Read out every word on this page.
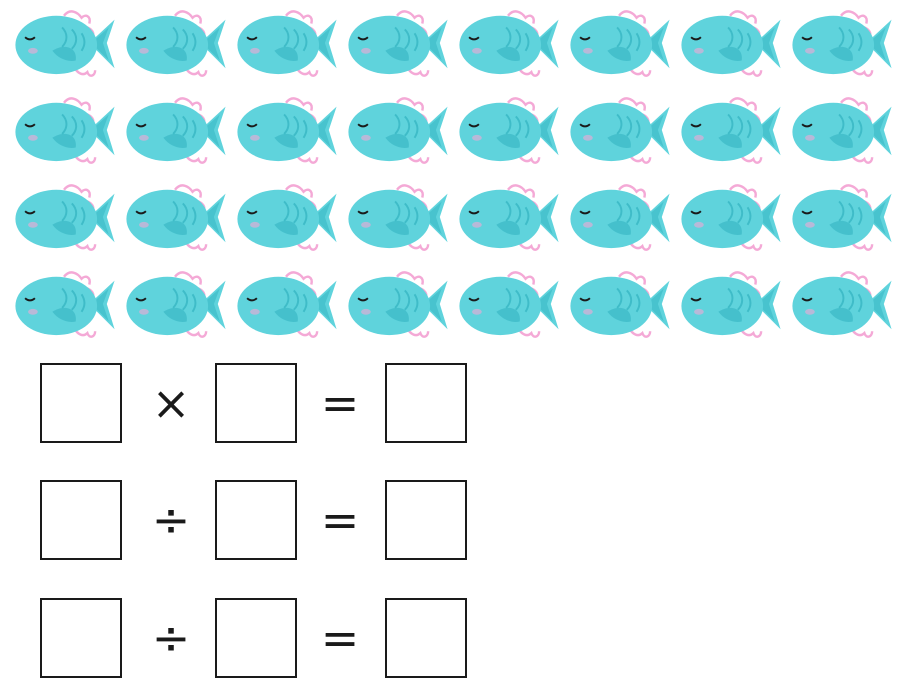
×	=
÷	=
÷	=
